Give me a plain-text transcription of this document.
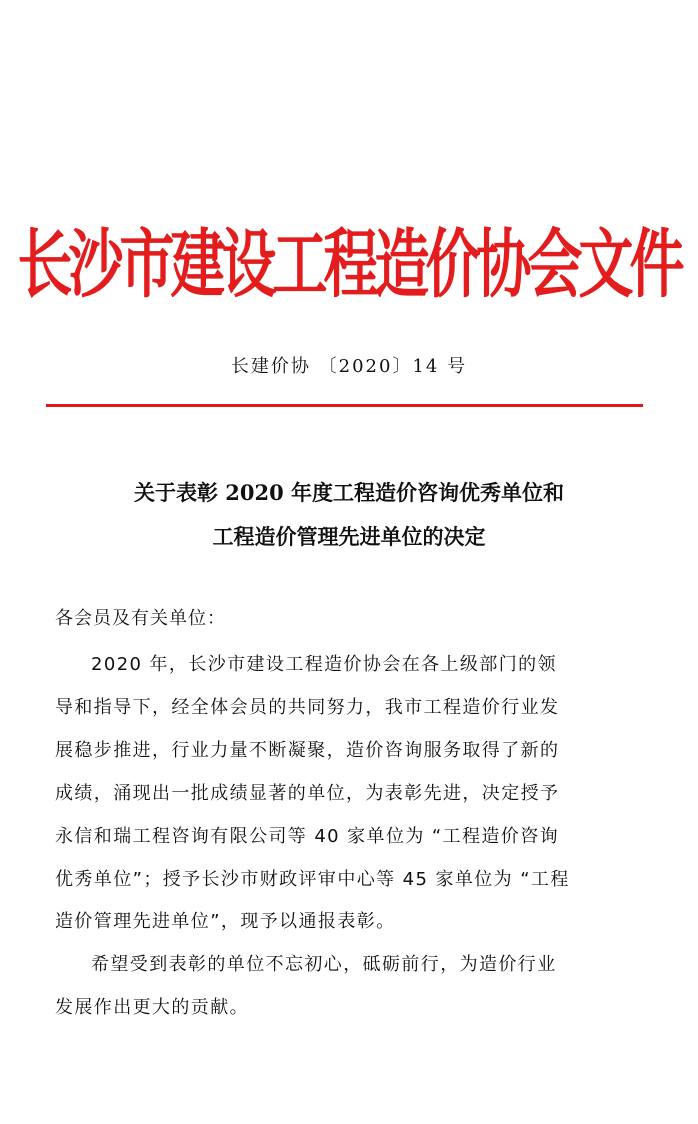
长沙市建设工程造价协会文件
长建价协 〔2020〕14 号
关于表彰 2020 年度工程造价咨询优秀单位和
工程造价管理先进单位的决定
各会员及有关单位：
2020 年，长沙市建设工程造价协会在各上级部门的领
导和指导下，经全体会员的共同努力，我市工程造价行业发
展稳步推进，行业力量不断凝聚，造价咨询服务取得了新的
成绩，涌现出一批成绩显著的单位，为表彰先进，决定授予
永信和瑞工程咨询有限公司等 40 家单位为 “工程造价咨询
优秀单位”；授予长沙市财政评审中心等 45 家单位为 “工程
造价管理先进单位”，现予以通报表彰。
希望受到表彰的单位不忘初心，砥砺前行，为造价行业
发展作出更大的贡献。
